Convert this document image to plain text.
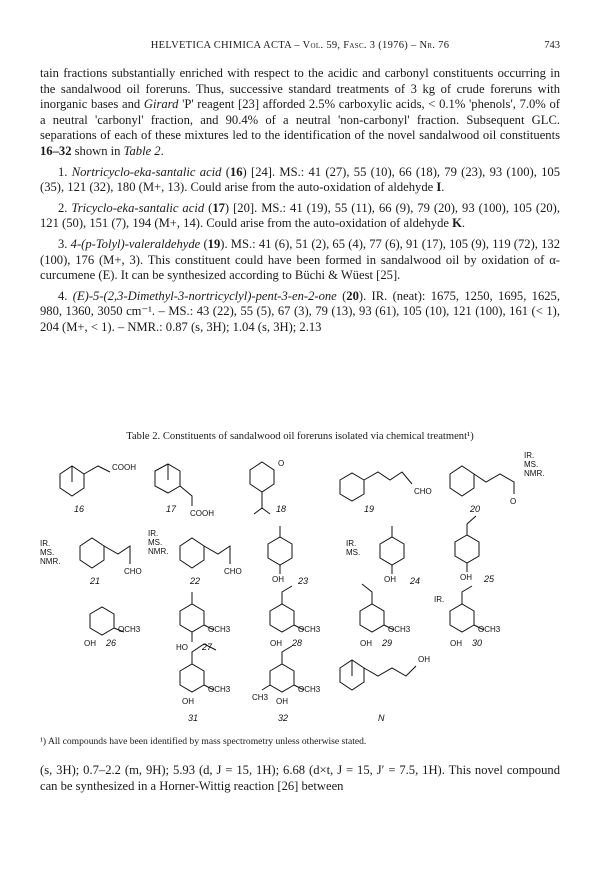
HELVETICA CHIMICA ACTA – Vol. 59, Fasc. 3 (1976) – Nr. 76	743

tain fractions substantially enriched with respect to the acidic and carbonyl constituents occurring in the sandalwood oil foreruns. Thus, successive standard treatments of 3 kg of crude foreruns with inorganic bases and Girard 'P' reagent [23] afforded 2.5% carboxylic acids, < 0.1% 'phenols', 7.0% of a neutral 'carbonyl' fraction, and 90.4% of a neutral 'non-carbonyl' fraction. Subsequent GLC. separations of each of these mixtures led to the identification of the novel sandalwood oil constituents 16–32 shown in Table 2.

1. Nortricyclo-eka-santalic acid (16) [24]. MS.: 41 (27), 55 (10), 66 (18), 79 (23), 93 (100), 105 (35), 121 (32), 180 (M+, 13). Could arise from the auto-oxidation of aldehyde I.

2. Tricyclo-eka-santalic acid (17) [20]. MS.: 41 (19), 55 (11), 66 (9), 79 (20), 93 (100), 105 (20), 121 (50), 151 (7), 194 (M+, 14). Could arise from the auto-oxidation of aldehyde K.

3. 4-(p-Tolyl)-valeraldehyde (19). MS.: 41 (6), 51 (2), 65 (4), 77 (6), 91 (17), 105 (9), 119 (72), 132 (100), 176 (M+, 3). This constituent could have been formed in sandalwood oil by oxidation of α-curcumene (E). It can be synthesized according to Büchi & Wüest [25].

4. (E)-5-(2,3-Dimethyl-3-nortricyclyl)-pent-3-en-2-one (20). IR. (neat): 1675, 1250, 1695, 1625, 980, 1360, 3050 cm⁻¹. – MS.: 43 (22), 55 (5), 67 (3), 79 (13), 93 (61), 105 (10), 121 (100), 161 (< 1), 204 (M+, < 1). – NMR.: 0.87 (s, 3H); 1.04 (s, 3H); 2.13

Table 2. Constituents of sandalwood oil foreruns isolated via chemical treatment¹)
COOH
COOH
O
CHO
O
IR.
MS.
NMR.
IR.
MS.
NMR.
CHO
IR.
MS.
NMR.
CHO
OH
IR.
MS.
OH	OH
OCH3
OH
OCH3
HO
OCH3
OH
OCH3
OH
IR.
OCH3
OH
OCH3
OH
OCH3
CH3 OH
OH
16	17	18	19	20
21	22	23	24	25
26	27	28	29	30
31	32	N
¹) All compounds have been identified by mass spectrometry unless otherwise stated.
(s, 3H); 0.7–2.2 (m, 9H); 5.93 (d, J = 15, 1H); 6.68 (d×t, J = 15, J′ = 7.5, 1H). This novel compound can be synthesized in a Horner-Wittig reaction [26] between
